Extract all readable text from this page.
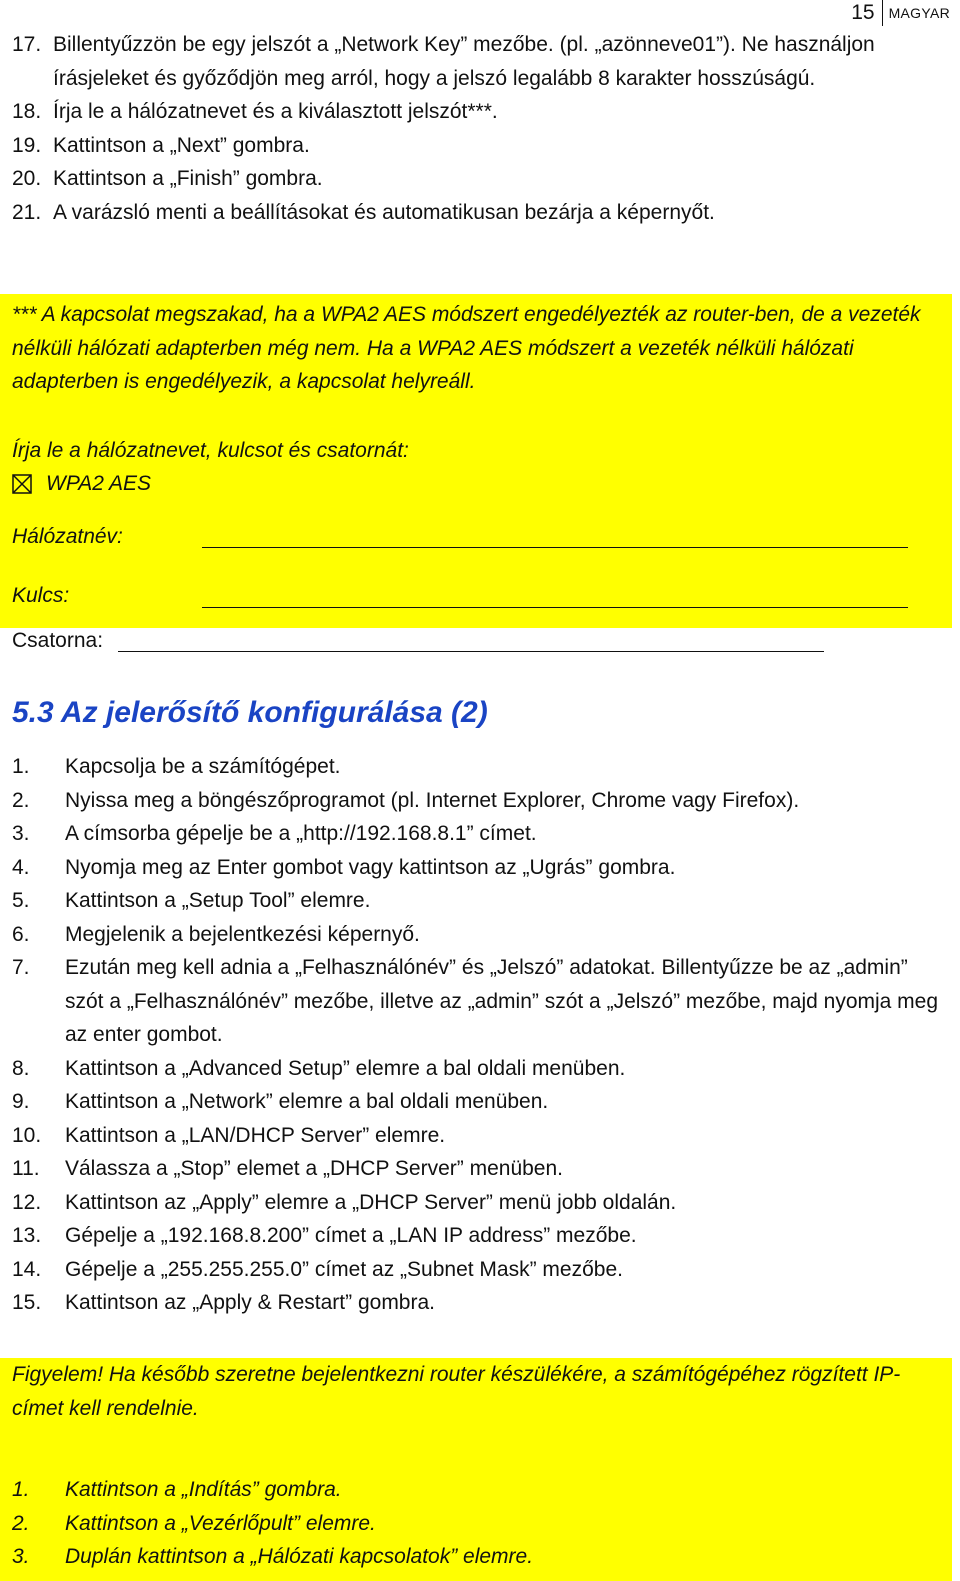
15	MAGYAR
17. Billentyűzzön be egy jelszót a „Network Key” mezőbe. (pl. „azönneve01”). Ne használjon írásjeleket és győződjön meg arról, hogy a jelszó legalább 8 karakter hosszúságú.
18. Írja le a hálózatnevet és a kiválasztott jelszót***.
19. Kattintson a „Next” gombra.
20. Kattintson a „Finish” gombra.
21. A varázsló menti a beállításokat és automatikusan bezárja a képernyőt.
*** A kapcsolat megszakad, ha a WPA2 AES módszert engedélyezték az router-ben, de a vezeték nélküli hálózati adapterben még nem. Ha a WPA2 AES módszert a vezeték nélküli hálózati adapterben is engedélyezik, a kapcsolat helyreáll.
Írja le a hálózatnevet, kulcsot és csatornát:
WPA2 AES
Hálózatnév:
Kulcs:
Csatorna:
5.3 Az jelerősítő konfigurálása (2)
1. Kapcsolja be a számítógépet.
2. Nyissa meg a böngészőprogramot (pl. Internet Explorer, Chrome vagy Firefox).
3. A címsorba gépelje be a „http://192.168.8.1” címet.
4. Nyomja meg az Enter gombot vagy kattintson az „Ugrás” gombra.
5. Kattintson a „Setup Tool” elemre.
6. Megjelenik a bejelentkezési képernyő.
7. Ezután meg kell adnia a „Felhasználónév” és „Jelszó” adatokat. Billentyűzze be az „admin” szót a „Felhasználónév” mezőbe, illetve az „admin” szót a „Jelszó” mezőbe, majd nyomja meg az enter gombot.
8. Kattintson a „Advanced Setup” elemre a bal oldali menüben.
9. Kattintson a „Network” elemre a bal oldali menüben.
10. Kattintson a „LAN/DHCP Server” elemre.
11. Válassza a „Stop” elemet a „DHCP Server” menüben.
12. Kattintson az „Apply” elemre a „DHCP Server” menü jobb oldalán.
13. Gépelje a „192.168.8.200” címet a „LAN IP address” mezőbe.
14. Gépelje a „255.255.255.0” címet az „Subnet Mask” mezőbe.
15. Kattintson az „Apply & Restart” gombra.
Figyelem! Ha később szeretne bejelentkezni router készülékére, a számítógépéhez rögzített IP-címet kell rendelnie.
1. Kattintson a „Indítás” gombra.
2. Kattintson a „Vezérlőpult” elemre.
3. Duplán kattintson a „Hálózati kapcsolatok” elemre.
